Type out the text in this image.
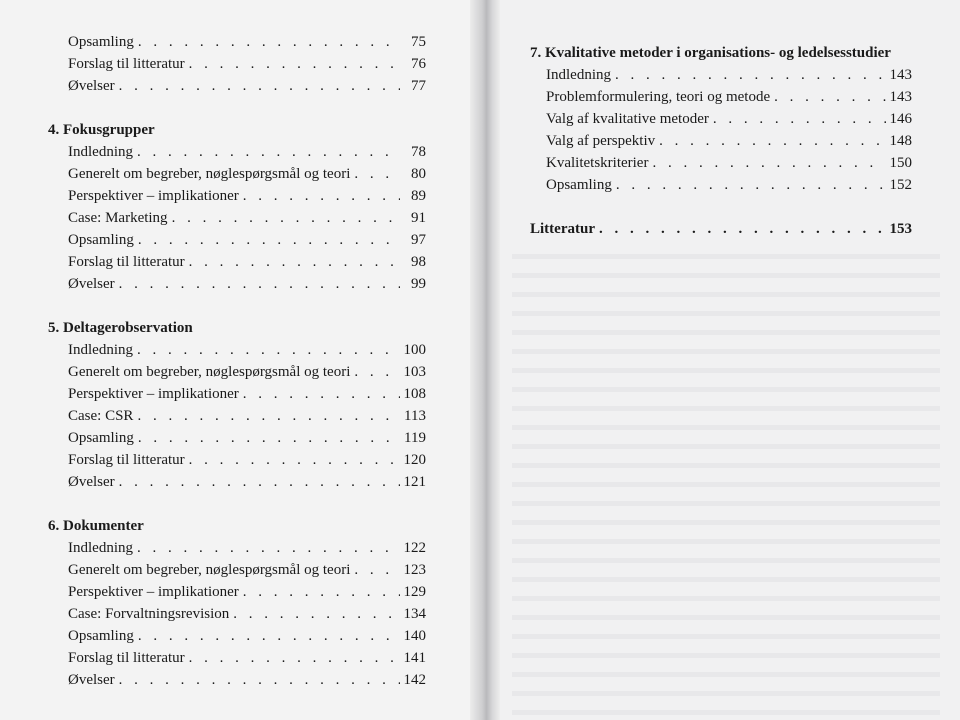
Opsamling . . .	75
Forslag til litteratur . . .	76
Øvelser . . .	77
4. Fokusgrupper
Indledning . . .	78
Generelt om begreber, nøglespørgsmål og teori . . .	80
Perspektiver – implikationer . . .	89
Case: Marketing . . .	91
Opsamling . . .	97
Forslag til litteratur . . .	98
Øvelser . . .	99
5. Deltagerobservation
Indledning . . .	100
Generelt om begreber, nøglespørgsmål og teori . . .	103
Perspektiver – implikationer . . .	108
Case: CSR . . .	113
Opsamling . . .	119
Forslag til litteratur . . .	120
Øvelser . . .	121
6. Dokumenter
Indledning . . .	122
Generelt om begreber, nøglespørgsmål og teori . . .	123
Perspektiver – implikationer . . .	129
Case: Forvaltningsrevision . . .	134
Opsamling . . .	140
Forslag til litteratur . . .	141
Øvelser . . .	142
7. Kvalitative metoder i organisations- og ledelsesstudier
Indledning . . .	143
Problemformulering, teori og metode . . .	143
Valg af kvalitative metoder . . .	146
Valg af perspektiv . . .	148
Kvalitetskriterier . . .	150
Opsamling . . .	152
Litteratur . . .	153
